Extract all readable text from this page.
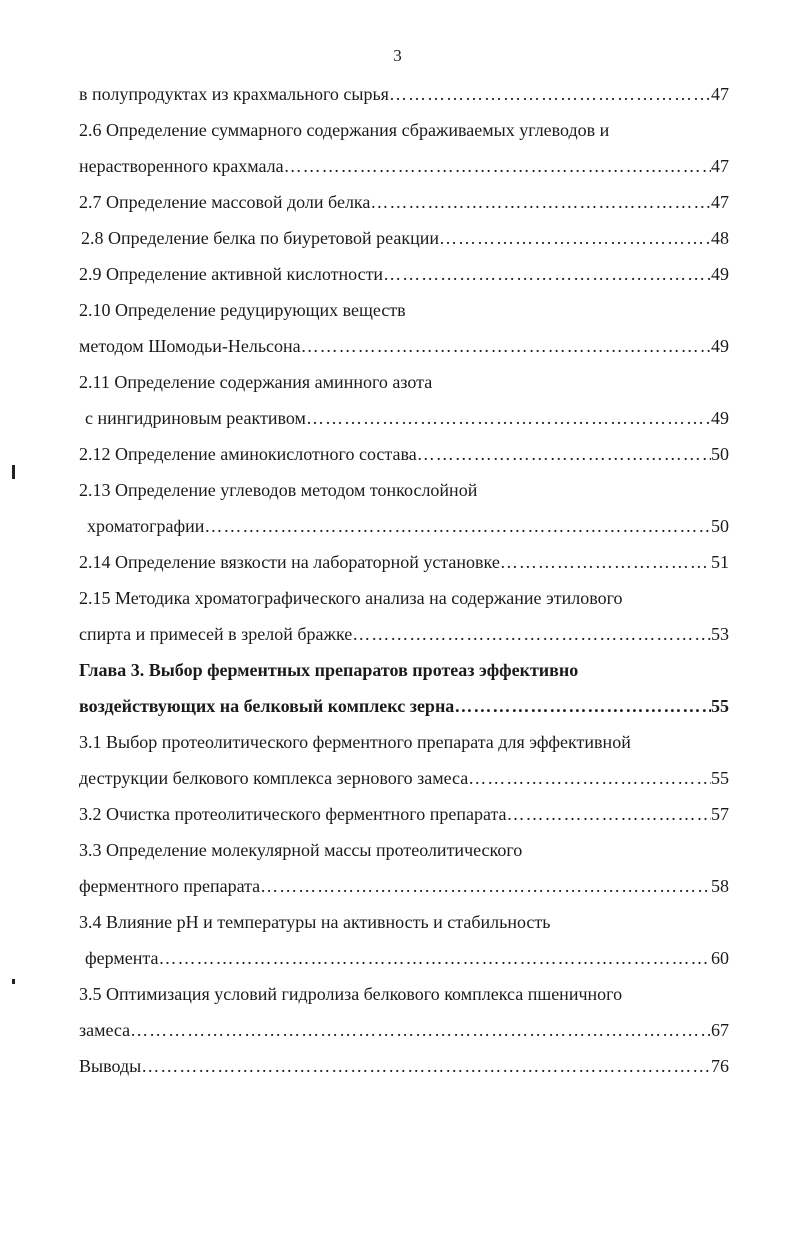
3
в полупродуктах из крахмального сырья ……………………………………………………………………………………………………………………………………………………………………………	47
2.6 Определение суммарного содержания сбраживаемых углеводов и
нерастворенного крахмала ……………………………………………………………………………………………………………………………………………………………………………	47
2.7 Определение массовой доли белка ……………………………………………………………………………………………………………………………………………………………………………	47
2.8 Определение белка по биуретовой реакции ……………………………………………………………………………………………………………………………………………………………………………	48
2.9 Определение активной кислотности ……………………………………………………………………………………………………………………………………………………………………………	49
2.10 Определение редуцирующих веществ
методом Шомодьи-Нельсона ……………………………………………………………………………………………………………………………………………………………………………	49
2.11 Определение содержания аминного азота
с нингидриновым реактивом ……………………………………………………………………………………………………………………………………………………………………………	49
2.12 Определение аминокислотного состава ……………………………………………………………………………………………………………………………………………………………………………	50
2.13 Определение углеводов методом тонкослойной
хроматографии ……………………………………………………………………………………………………………………………………………………………………………	50
2.14 Определение вязкости на лабораторной установке ……………………………………………………………………………………………………………………………………………………………………………	51
2.15 Методика хроматографического анализа на содержание этилового
спирта и примесей в зрелой бражке ……………………………………………………………………………………………………………………………………………………………………………	53
Глава 3. Выбор ферментных препаратов протеаз эффективно
воздействующих на белковый комплекс зерна ……………………………………………………………………………………………………………………………………………………………………………	55
3.1 Выбор протеолитического ферментного препарата для эффективной
деструкции белкового комплекса зернового замеса ……………………………………………………………………………………………………………………………………………………………………………	55
3.2 Очистка протеолитического ферментного препарата ……………………………………………………………………………………………………………………………………………………………………………	57
3.3 Определение молекулярной массы протеолитического
ферментного препарата ……………………………………………………………………………………………………………………………………………………………………………	58
3.4 Влияние рН и температуры на активность и стабильность
фермента ……………………………………………………………………………………………………………………………………………………………………………	60
3.5 Оптимизация условий гидролиза белкового комплекса пшеничного
замеса ……………………………………………………………………………………………………………………………………………………………………………	67
Выводы ……………………………………………………………………………………………………………………………………………………………………………	76
